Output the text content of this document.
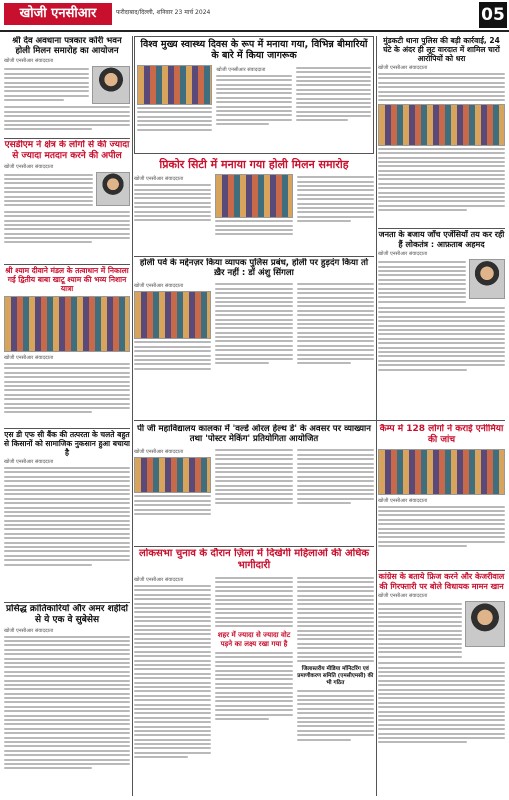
खोजी एनसीआर	फरीदाबाद/दिल्ली, शनिवार 23 मार्च 2024	05
श्री देव अवधाना पत्रकार कोरी भवन होली मिलन समारोह का आयोजन
खोजी एनसीआर संवाददाता
विश्व मुख्य स्वास्थ्य दिवस के रूप में मनाया गया, विभिन्न बीमारियों के बारे में किया जागरूक
खोजी एनसीआर संवाददाता
मुंडकटी थाना पुलिस की बड़ी कार्रवाई, 24 घंटे के अंदर ही लूट वारदात में शामिल चारों आरोपियों को धरा
खोजी एनसीआर संवाददाता
एसडीएम ने क्षेत्र के लोगों से की ज्यादा से ज्यादा मतदान करने की अपील
खोजी एनसीआर संवाददाता	प्रिकोर सिटी में मनाया गया होली मिलन समारोह
खोजी एनसीआर संवाददाता
होली पर्व के मद्देनज़र किया व्यापक पुलिस प्रबंध, होली पर हुड़दंग किया तो ख़ैर नहीं : डॉ अंशु सिंगला
खोजी एनसीआर संवाददाता
जनता के बजाय जाँच एजेंसियाँ तय कर रही हैं लोकतंत्र : आफ़ताब अहमद
खोजी एनसीआर संवाददाता
श्री श्याम दीवाने मंडल के तत्वाधान में निकाला गई द्वितीय बाबा खाटू श्याम की भव्य निशान यात्रा
खोजी एनसीआर संवाददाता
पी जी महाविद्यालय कालका में 'वर्ल्ड ओरल हेल्थ डे' के अवसर पर व्याख्यान तथा 'पोस्टर मेकिंग' प्रतियोगिता आयोजित
खोजी एनसीआर संवाददाता
कैम्प में 128 लोगों ने कराई एनीमिया की जांच
खोजी एनसीआर संवाददाता
एस डी एफ सी बैंक की तत्परता के चलते बहुत से किसानों को सामाजिक नुकसान हुआ बचाया है
खोजी एनसीआर संवाददाता
लोकसभा चुनाव के दौरान ज़िला में दिखेगी महिलाओं की अधिक भागीदारी
खोजी एनसीआर संवाददाता
शहर में ज्यादा से ज्यादा वोट पड़ने का लक्ष्य रखा गया है
जिलास्तरीय मीडिया मॉनिटरिंग एवं प्रमाणीकरण समिति (एमसीएमसी) की भी गठित
कांग्रेस के बताये फ्रिज करने और केजरीवाल की गिरफ्तारी पर बोले विधायक मामन खान
खोजी एनसीआर संवाददाता
प्रसिद्ध क्रांतिकारियों और अमर शहीदों से ये एक वे सुबेसेस
खोजी एनसीआर संवाददाता
